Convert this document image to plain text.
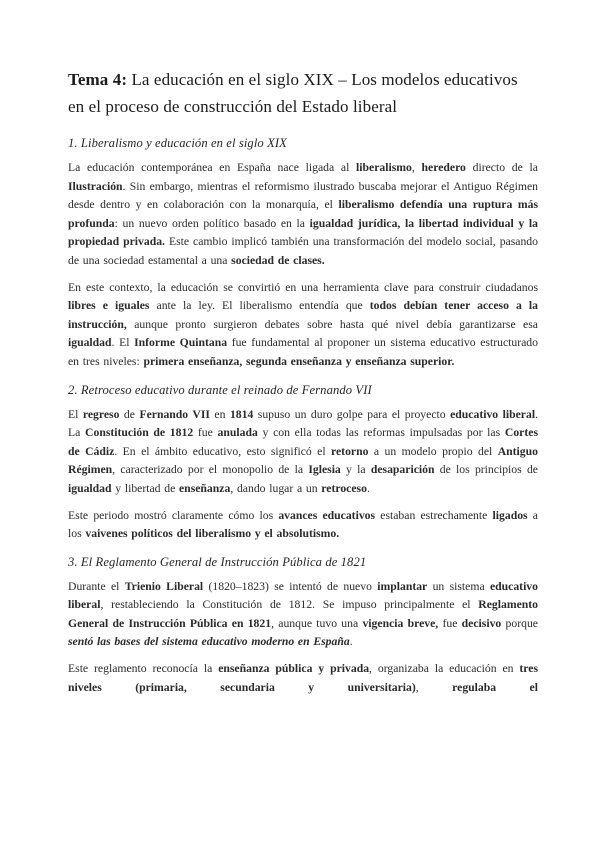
Tema 4: La educación en el siglo XIX – Los modelos educativos en el proceso de construcción del Estado liberal
1. Liberalismo y educación en el siglo XIX

La educación contemporánea en España nace ligada al liberalismo, heredero directo de la Ilustración. Sin embargo, mientras el reformismo ilustrado buscaba mejorar el Antiguo Régimen desde dentro y en colaboración con la monarquía, el liberalismo defendía una ruptura más profunda: un nuevo orden político basado en la igualdad jurídica, la libertad individual y la propiedad privada. Este cambio implicó también una transformación del modelo social, pasando de una sociedad estamental a una sociedad de clases.

En este contexto, la educación se convirtió en una herramienta clave para construir ciudadanos libres e iguales ante la ley. El liberalismo entendía que todos debían tener acceso a la instrucción, aunque pronto surgieron debates sobre hasta qué nivel debía garantizarse esa igualdad. El Informe Quintana fue fundamental al proponer un sistema educativo estructurado en tres niveles: primera enseñanza, segunda enseñanza y enseñanza superior.

2. Retroceso educativo durante el reinado de Fernando VII

El regreso de Fernando VII en 1814 supuso un duro golpe para el proyecto educativo liberal. La Constitución de 1812 fue anulada y con ella todas las reformas impulsadas por las Cortes de Cádiz. En el ámbito educativo, esto significó el retorno a un modelo propio del Antiguo Régimen, caracterizado por el monopolio de la Iglesia y la desaparición de los principios de igualdad y libertad de enseñanza, dando lugar a un retroceso.

Este periodo mostró claramente cómo los avances educativos estaban estrechamente ligados a los vaivenes políticos del liberalismo y el absolutismo.

3. El Reglamento General de Instrucción Pública de 1821

Durante el Trienio Liberal (1820–1823) se intentó de nuevo implantar un sistema educativo liberal, restableciendo la Constitución de 1812. Se impuso principalmente el Reglamento General de Instrucción Pública en 1821, aunque tuvo una vigencia breve, fue decisivo porque sentó las bases del sistema educativo moderno en España.

Este reglamento reconocía la enseñanza pública y privada, organizaba la educación en tres niveles (primaria, secundaria y universitaria), regulaba el
